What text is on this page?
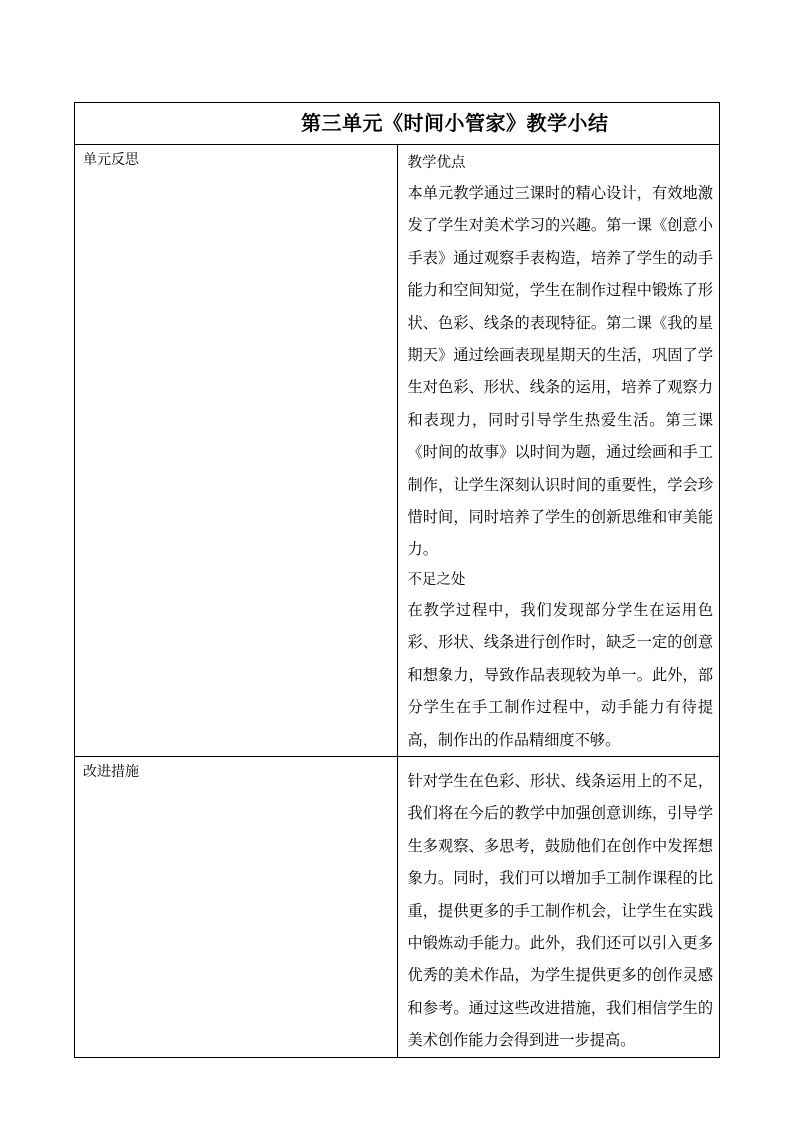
第三单元《时间小管家》教学小结	
单元反思	教学优点

本单元教学通过三课时的精心设计，有效地激发了学生对美术学习的兴趣。第一课《创意小手表》通过观察手表构造，培养了学生的动手能力和空间知觉，学生在制作过程中锻炼了形状、色彩、线条的表现特征。第二课《我的星期天》通过绘画表现星期天的生活，巩固了学生对色彩、形状、线条的运用，培养了观察力和表现力，同时引导学生热爱生活。第三课《时间的故事》以时间为题，通过绘画和手工制作，让学生深刻认识时间的重要性，学会珍惜时间，同时培养了学生的创新思维和审美能力。

不足之处

在教学过程中，我们发现部分学生在运用色彩、形状、线条进行创作时，缺乏一定的创意和想象力，导致作品表现较为单一。此外，部分学生在手工制作过程中，动手能力有待提高，制作出的作品精细度不够。

改进措施	针对学生在色彩、形状、线条运用上的不足，我们将在今后的教学中加强创意训练，引导学生多观察、多思考，鼓励他们在创作中发挥想象力。同时，我们可以增加手工制作课程的比重，提供更多的手工制作机会，让学生在实践中锻炼动手能力。此外，我们还可以引入更多优秀的美术作品，为学生提供更多的创作灵感和参考。通过这些改进措施，我们相信学生的美术创作能力会得到进一步提高。
